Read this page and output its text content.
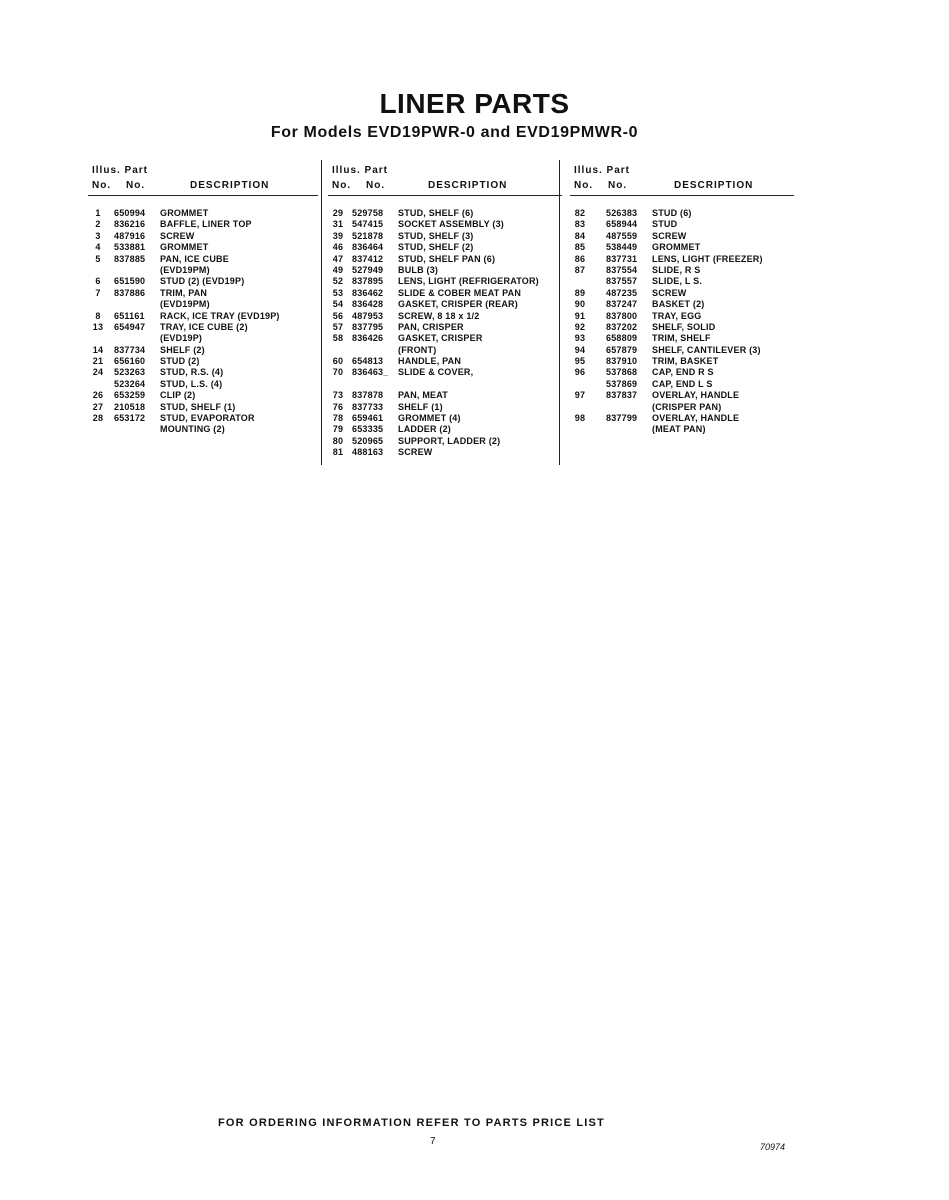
LINER PARTS
For Models EVD19PWR-0 and EVD19PMWR-0
Illus. Part
No. No.	DESCRIPTION
1	650994 GROMMET
2	836216 BAFFLE, LINER TOP
3	487916 SCREW
4	533881 GROMMET
5	837885 PAN, ICE CUBE
(EVD19PM)
6	651590 STUD (2) (EVD19P)
7	837886 TRIM, PAN
(EVD19PM)
8	651161 RACK, ICE TRAY (EVD19P)
13	654947 TRAY, ICE CUBE (2)
(EVD19P)
14	837734 SHELF (2)
21	656160 STUD (2)
24	523263 STUD, R.S. (4)
523264 STUD, L.S. (4)
26	653259 CLIP (2)
27	210518 STUD, SHELF (1)
28	653172 STUD, EVAPORATOR
MOUNTING (2)
Illus. Part
No. No.	DESCRIPTION
29 529758 STUD, SHELF (6)
31 547415 SOCKET ASSEMBLY (3)
39 521878 STUD, SHELF (3)
46 836464 STUD, SHELF (2)
47 837412 STUD, SHELF PAN (6)
49 527949 BULB (3)
52 837895 LENS, LIGHT (REFRIGERATOR)
53 836462 SLIDE & COBER MEAT PAN
54 836428 GASKET, CRISPER (REAR)
56 487953 SCREW, 8 18 x 1/2
57 837795 PAN, CRISPER
58 836426 GASKET, CRISPER
(FRONT)
60 654813 HANDLE, PAN
70 836463_ SLIDE & COVER,
73 837878 PAN, MEAT
76 837733 SHELF (1)
78 659461 GROMMET (4)
79 653335 LADDER (2)
80 520965 SUPPORT, LADDER (2)
81 488163 SCREW
Illus. Part
No. No.	DESCRIPTION
82	526383 STUD (6)
83	658944 STUD
84	487559 SCREW
85	538449 GROMMET
86	837731 LENS, LIGHT (FREEZER)
87	837554 SLIDE, R S
837557 SLIDE, L S.
89	487235 SCREW
90	837247 BASKET (2)
91	837800 TRAY, EGG
92	837202 SHELF, SOLID
93	658809 TRIM, SHELF
94	657879 SHELF, CANTILEVER (3)
95	837910 TRIM, BASKET
96	537868 CAP, END R S
537869 CAP, END L S
97	837837 OVERLAY, HANDLE
(CRISPER PAN)
98	837799 OVERLAY, HANDLE
(MEAT PAN)
FOR ORDERING INFORMATION REFER TO PARTS PRICE LIST
7	70974
